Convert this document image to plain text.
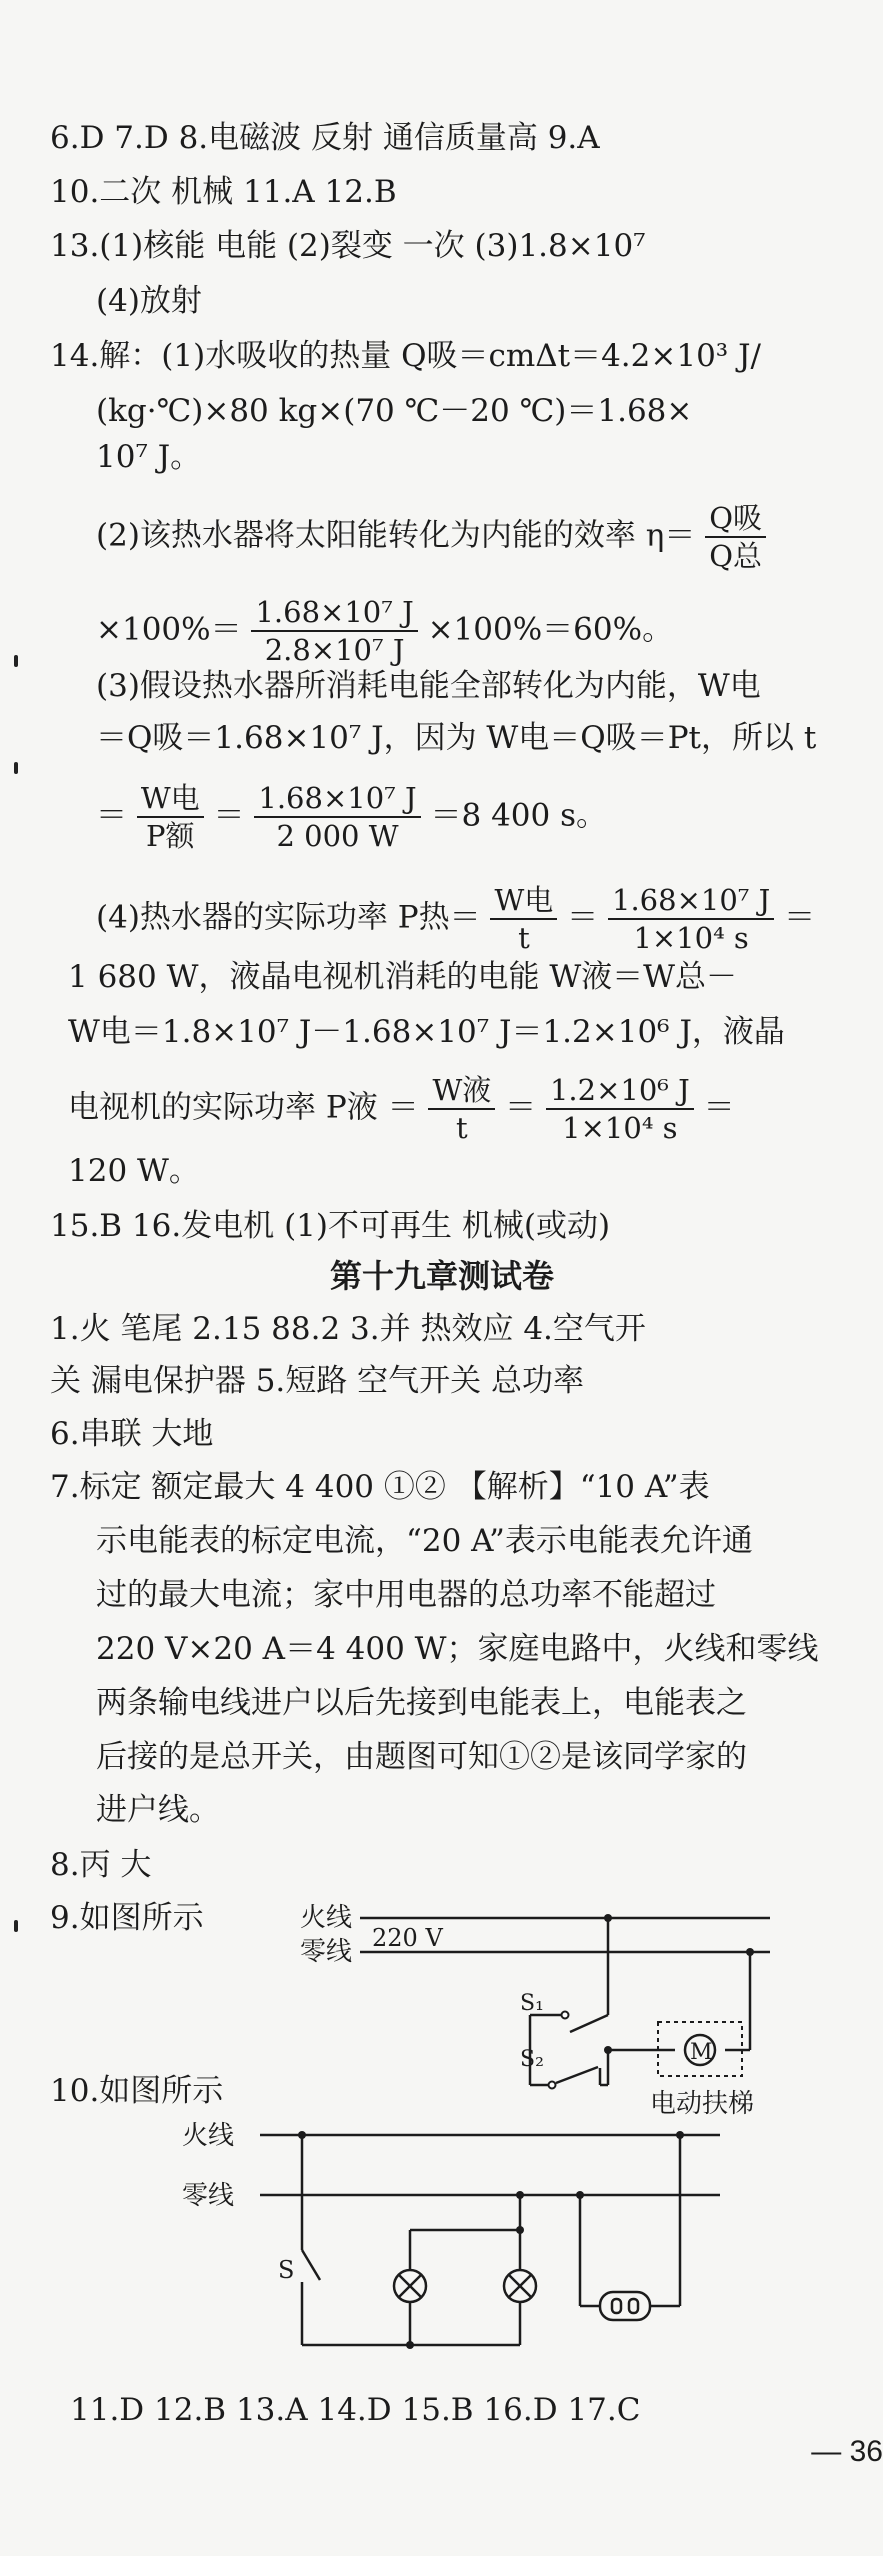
6.D 7.D 8.电磁波 反射 通信质量高 9.A
10.二次 机械 11.A 12.B
13.(1)核能 电能 (2)裂变 一次 (3)1.8×10⁷
(4)放射
14.解：(1)水吸收的热量 Q吸＝cmΔt＝4.2×10³ J/
(kg·℃)×80 kg×(70 ℃－20 ℃)＝1.68×
10⁷ J。
(2)该热水器将太阳能转化为内能的效率 $\eta= \frac{\text{Q吸}}{\text{Q总}}$
$\times 100\%= \frac{\text{1.68×10⁷ J}}{\text{2.8×10⁷ J}} \times 100\%=60\%$。
(3)假设热水器所消耗电能全部转化为内能，W电
＝Q吸＝1.68×10⁷ J，因为 W电＝Q吸＝Pt，所以 t
＝ $\frac{\text{W电}}{\text{P额}} = \frac{\text{1.68×10⁷ J}}{2 000 W} =8$ 400 s。
(4)热水器的实际功率 P热＝ $\frac{\text{W电}}{t} = \frac{\text{1.68×10⁷ J}}{\text{1×10⁴ s}}$ ＝
1 680 W，液晶电视机消耗的电能 W液＝W总－
W电＝1.8×10⁷ J－1.68×10⁷ J＝1.2×10⁶ J，液晶
电视机的实际功率 P液 ＝ $\frac{\text{W液}}{t} = \frac{\text{1.2×10⁶ J}}{\text{1×10⁴ s}}$ ＝
120 W。
15.B 16.发电机 (1)不可再生 机械(或动)
第十九章测试卷
1.火 笔尾 2.15 88.2 3.并 热效应 4.空气开
关 漏电保护器 5.短路 空气开关 总功率
6.串联 大地
7.标定 额定最大 4 400 ①② 【解析】“10 A”表
示电能表的标定电流，“20 A”表示电能表允许通
过的最大电流；家中用电器的总功率不能超过
220 V×20 A＝4 400 W；家庭电路中，火线和零线
两条输电线进户以后先接到电能表上，电能表之
后接的是总开关，由题图可知①②是该同学家的
进户线。
8.丙 大
9.如图所示	火线
零线 220 V
S₁
S₂	M
电动扶梯
10.如图所示
火线
零线
S
11.D 12.B 13.A 14.D 15.B 16.D 17.C
— 36
